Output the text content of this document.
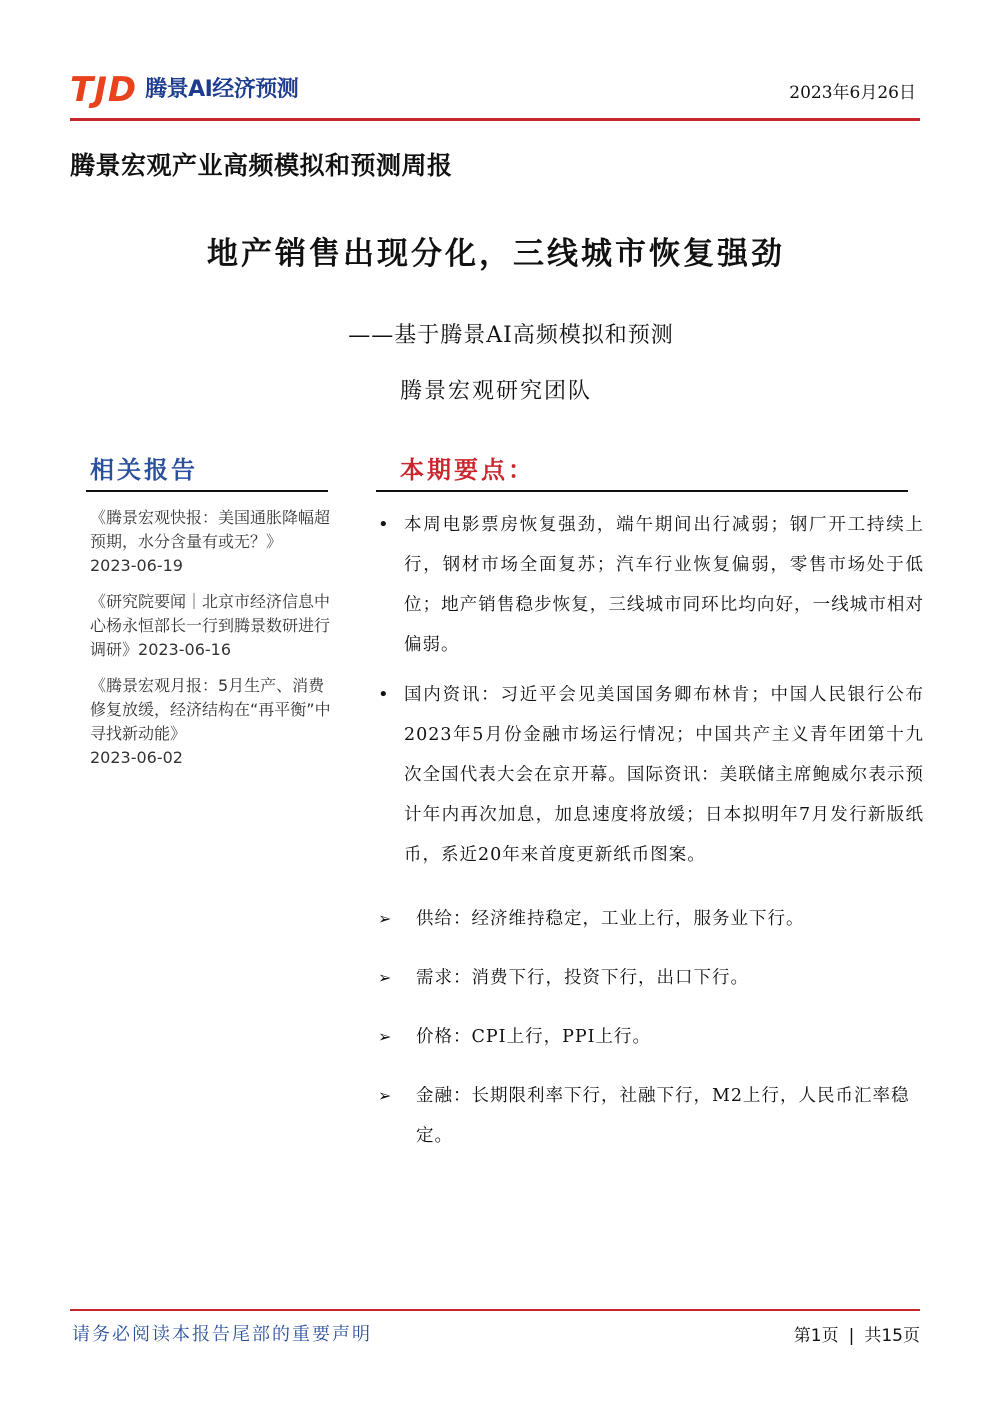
TJD 腾景AI经济预测	2023年6月26日
腾景宏观产业高频模拟和预测周报
地产销售出现分化，三线城市恢复强劲
——基于腾景AI高频模拟和预测
腾景宏观研究团队
相关报告
《腾景宏观快报：美国通胀降幅超预期，水分含量有或无？》
2023-06-19
《研究院要闻｜北京市经济信息中心杨永恒部长一行到腾景数研进行调研》2023-06-16
《腾景宏观月报：5月生产、消费修复放缓，经济结构在“再平衡”中寻找新动能》
2023-06-02
本期要点：
• 本周电影票房恢复强劲，端午期间出行减弱；钢厂开工持续上行，钢材市场全面复苏；汽车行业恢复偏弱，零售市场处于低位；地产销售稳步恢复，三线城市同环比均向好，一线城市相对偏弱。
• 国内资讯：习近平会见美国国务卿布林肯；中国人民银行公布2023年5月份金融市场运行情况；中国共产主义青年团第十九次全国代表大会在京开幕。国际资讯：美联储主席鲍威尔表示预计年内再次加息，加息速度将放缓；日本拟明年7月发行新版纸币，系近20年来首度更新纸币图案。
➢ 供给：经济维持稳定，工业上行，服务业下行。
➢ 需求：消费下行，投资下行，出口下行。
➢ 价格：CPI上行，PPI上行。
➢ 金融：长期限利率下行，社融下行，M2上行，人民币汇率稳定。
请务必阅读本报告尾部的重要声明	第1页 | 共15页
